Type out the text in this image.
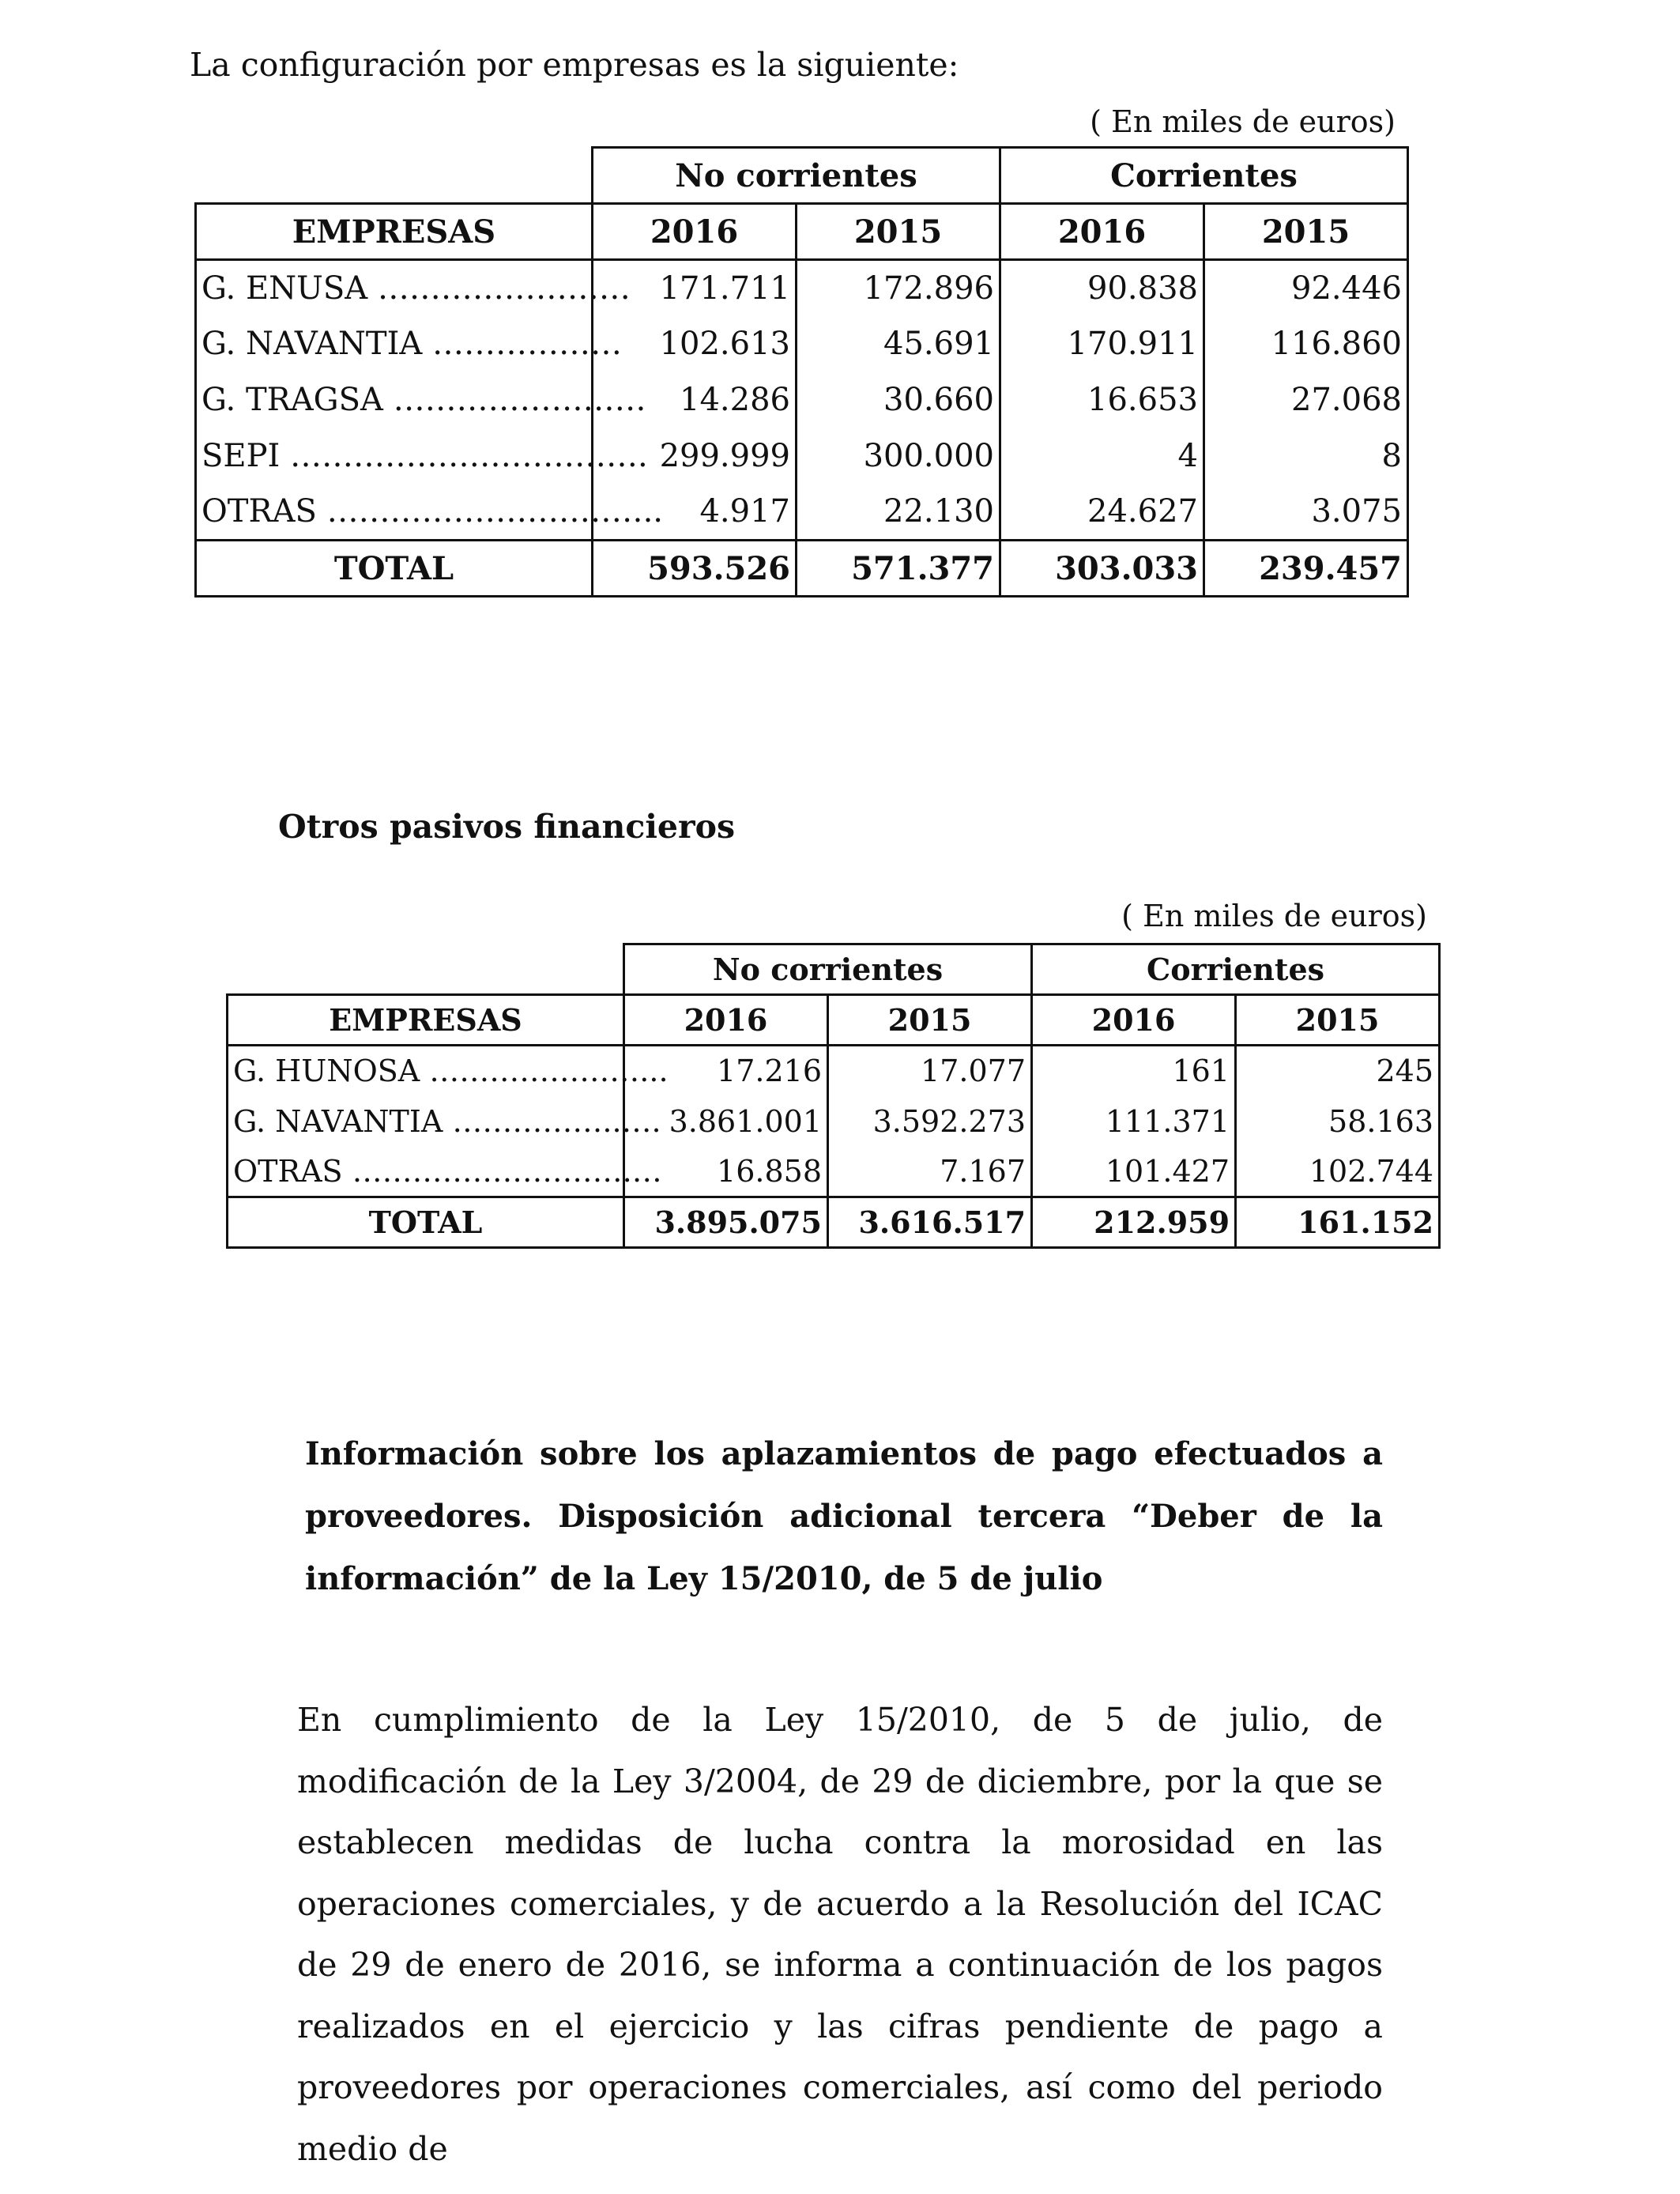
La configuración por empresas es la siguiente:

( En miles de euros)
	No corrientes		Corrientes	
EMPRESAS	2016	2015	2016	2015
G. ENUSA ……………………	171.711	172.896	90.838	92.446
G. NAVANTIA ………………	102.613	45.691	170.911	116.860
G. TRAGSA ……………………	14.286	30.660	16.653	27.068
SEPI …………………………….	299.999	300.000	4	8
OTRAS …………………………..	4.917	22.130	24.627	3.075
TOTAL	593.526	571.377	303.033	239.457

Otros pasivos financieros

( En miles de euros)
	No corrientes		Corrientes	
EMPRESAS	2016	2015	2016	2015
G. HUNOSA …………………...	17.216	17.077	161	245
G. NAVANTIA ……………..….	3.861.001	3.592.273	111.371	58.163
OTRAS ……………………….…	16.858	7.167	101.427	102.744
TOTAL	3.895.075	3.616.517	212.959	161.152

Información sobre los aplazamientos de pago efectuados a proveedores. Disposición adicional tercera “Deber de la información” de la Ley 15/2010, de 5 de julio

En cumplimiento de la Ley 15/2010, de 5 de julio, de modificación de la Ley 3/2004, de 29 de diciembre, por la que se establecen medidas de lucha contra la morosidad en las operaciones comerciales, y de acuerdo a la Resolución del ICAC de 29 de enero de 2016, se informa a continuación de los pagos realizados en el ejercicio y las cifras pendiente de pago a proveedores por operaciones comerciales, así como del periodo medio de
